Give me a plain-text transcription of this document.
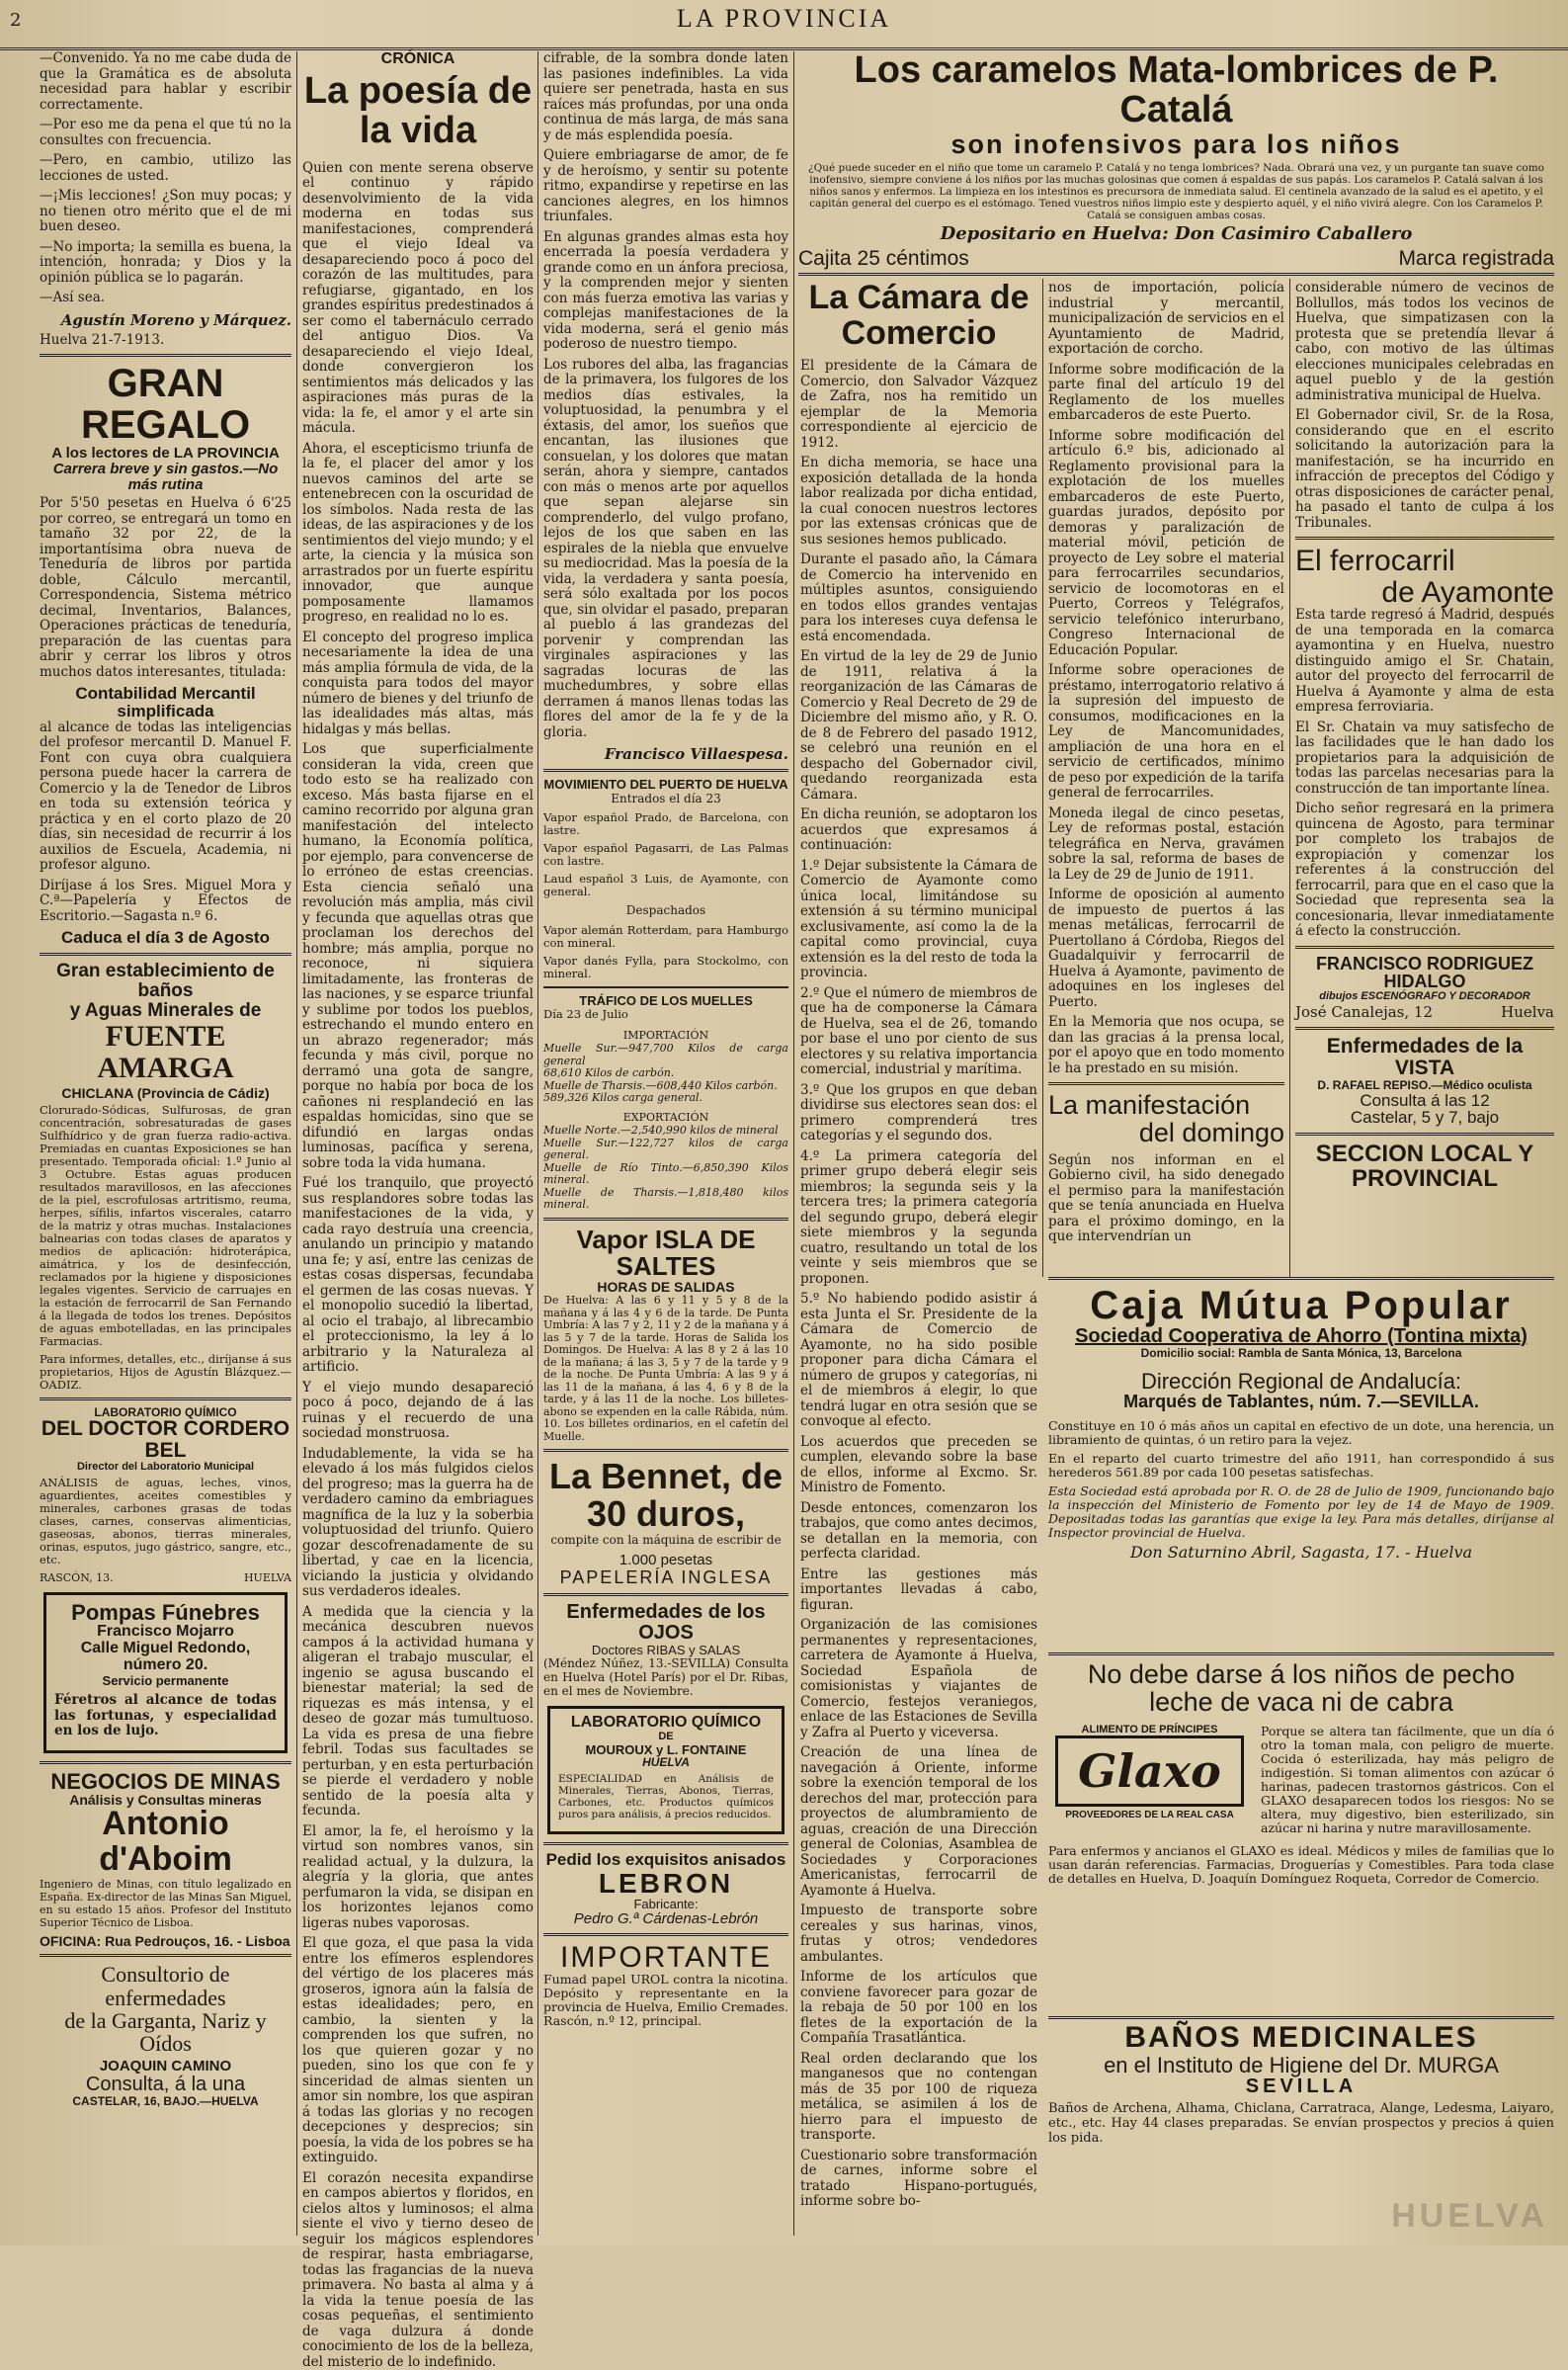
2	LA PROVINCIA

—Convenido. Ya no me cabe duda de que la Gramática es de absoluta necesidad para hablar y escribir correctamente.

—Por eso me da pena el que tú no la consultes con frecuencia.

—Pero, en cambio, utilizo las lecciones de usted.

—¡Mis lecciones! ¿Son muy pocas; y no tienen otro mérito que el de mi buen deseo.

—No importa; la semilla es buena, la intención, honrada; y Dios y la opinión pública se lo pagarán.

—Así sea.

Agustín Moreno y Márquez.

Huelva 21-7-1913.

GRAN REGALO
A los lectores de LA PROVINCIA
Carrera breve y sin gastos.—No más rutina

Por 5'50 pesetas en Huelva ó 6'25 por correo, se entregará un tomo en tamaño 32 por 22, de la importantísima obra nueva de Teneduría de libros por partida doble, Cálculo mercantil, Correspondencia, Sistema métrico decimal, Inventarios, Balances, Operaciones prácticas de teneduría, preparación de las cuentas para abrir y cerrar los libros y otros muchos datos interesantes, titulada:

Contabilidad Mercantil simplificada

al alcance de todas las inteligencias del profesor mercantil D. Manuel F. Font con cuya obra cualquiera persona puede hacer la carrera de Comercio y la de Tenedor de Libros en toda su extensión teórica y práctica y en el corto plazo de 20 días, sin necesidad de recurrir á los auxilios de Escuela, Academia, ni profesor alguno.

Diríjase á los Sres. Miguel Mora y C.ª—Papelería y Efectos de Escritorio.—Sagasta n.º 6.

Caduca el día 3 de Agosto
Gran establecimiento de baños
y Aguas Minerales de
FUENTE AMARGA
CHICLANA (Provincia de Cádiz)

Clorurado-Sódicas, Sulfurosas, de gran concentración, sobresaturadas de gases Sulfhídrico y de gran fuerza radio-activa. Premiadas en cuantas Exposiciones se han presentado. Temporada oficial: 1.º Junio al 3 Octubre. Estas aguas producen resultados maravillosos, en las afecciones de la piel, escrofulosas artritismo, reuma, herpes, sífilis, infartos viscerales, catarro de la matriz y otras muchas. Instalaciones balnearias con todas clases de aparatos y medios de aplicación: hidroterápica, aimátrica, y los de desinfección, reclamados por la higiene y disposiciones legales vigentes. Servicio de carruajes en la estación de ferrocarril de San Fernando á la llegada de todos los trenes. Depósitos de aguas embotelladas, en las principales Farmacias.

Para informes, detalles, etc., diríjanse á sus propietarios, Hijos de Agustín Blázquez.—OADIZ.

LABORATORIO QUÍMICO
DEL DOCTOR CORDERO BEL
Director del Laboratorio Municipal

ANÁLISIS de aguas, leches, vinos, aguardientes, aceites comestibles y minerales, carbones grasas de todas clases, carnes, conservas alimenticias, gaseosas, abonos, tierras minerales, orinas, esputos, jugo gástrico, sangre, etc., etc.

RASCÓN, 13.	HUELVA
Pompas Fúnebres
Francisco Mojarro
Calle Miguel Redondo, número 20.
Servicio permanente

Féretros al alcance de todas las fortunas, y especialidad en los de lujo.

NEGOCIOS DE MINAS
Análisis y Consultas mineras
Antonio d'Aboim

Ingeniero de Minas, con título legalizado en España. Ex-director de las Minas San Miguel, en su estado 15 años. Profesor del Instituto Superior Técnico de Lisboa.

OFICINA: Rua Pedrouços, 16. - Lisboa
Consultorio de enfermedades
de la Garganta, Nariz y Oídos
JOAQUIN CAMINO
Consulta, á la una
CASTELAR, 16, BAJO.—HUELVA
CRÓNICA
La poesía de la vida

Quien con mente serena observe el continuo y rápido desenvolvimiento de la vida moderna en todas sus manifestaciones, comprenderá que el viejo Ideal va desapareciendo poco á poco del corazón de las multitudes, para refugiarse, gigantado, en los grandes espíritus predestinados á ser como el tabernáculo cerrado del antiguo Dios. Va desapareciendo el viejo Ideal, donde convergieron los sentimientos más delicados y las aspiraciones más puras de la vida: la fe, el amor y el arte sin mácula.

Ahora, el escepticismo triunfa de la fe, el placer del amor y los nuevos caminos del arte se entenebrecen con la oscuridad de los símbolos. Nada resta de las ideas, de las aspiraciones y de los sentimientos del viejo mundo; y el arte, la ciencia y la música son arrastrados por un fuerte espíritu innovador, que aunque pomposamente llamamos progreso, en realidad no lo es.

El concepto del progreso implica necesariamente la idea de una más amplia fórmula de vida, de la conquista para todos del mayor número de bienes y del triunfo de las idealidades más altas, más hidalgas y más bellas.

Los que superficialmente consideran la vida, creen que todo esto se ha realizado con exceso. Más basta fijarse en el camino recorrido por alguna gran manifestación del intelecto humano, la Economía política, por ejemplo, para convencerse de lo erróneo de estas creencias. Esta ciencia señaló una revolución más amplia, más civil y fecunda que aquellas otras que proclaman los derechos del hombre; más amplia, porque no reconoce, ni siquiera limitadamente, las fronteras de las naciones, y se esparce triunfal y sublime por todos los pueblos, estrechando el mundo entero en un abrazo regenerador; más fecunda y más civil, porque no derramó una gota de sangre, porque no había por boca de los cañones ni resplandeció en las espaldas homicidas, sino que se difundió en largas ondas luminosas, pacífica y serena, sobre toda la vida humana.

Fué los tranquilo, que proyectó sus resplandores sobre todas las manifestaciones de la vida, y cada rayo destruía una creencia, anulando un principio y matando una fe; y así, entre las cenizas de estas cosas dispersas, fecundaba el germen de las cosas nuevas. Y el monopolio sucedió la libertad, al ocio el trabajo, al librecambio el proteccionismo, la ley á lo arbitrario y la Naturaleza al artificio.

Y el viejo mundo desapareció poco á poco, dejando de á las ruinas y el recuerdo de una sociedad monstruosa.

Indudablemente, la vida se ha elevado á los más fulgidos cielos del progreso; mas la guerra ha de verdadero camino da embriagues magnífica de la luz y la soberbia voluptuosidad del triunfo. Quiero gozar descofrenadamente de su libertad, y cae en la licencia, viciando la justicia y olvidando sus verdaderos ideales.

A medida que la ciencia y la mecánica descubren nuevos campos á la actividad humana y aligeran el trabajo muscular, el ingenio se agusa buscando el bienestar material; la sed de riquezas es más intensa, y el deseo de gozar más tumultuoso. La vida es presa de una fiebre febril. Todas sus facultades se perturban, y en esta perturbación se pierde el verdadero y noble sentido de la poesía alta y fecunda.

El amor, la fe, el heroísmo y la virtud son nombres vanos, sin realidad actual, y la dulzura, la alegría y la gloria, que antes perfumaron la vida, se disipan en los horizontes lejanos como ligeras nubes vaporosas.

El que goza, el que pasa la vida entre los efímeros esplendores del vértigo de los placeres más groseros, ignora aún la falsía de estas idealidades; pero, en cambio, la sienten y la comprenden los que sufren, no los que quieren gozar y no pueden, sino los que con fe y sinceridad de almas sienten un amor sin nombre, los que aspiran á todas las glorias y no recogen decepciones y desprecios; sin poesía, la vida de los pobres se ha extinguido.

El corazón necesita expandirse en campos abiertos y floridos, en cielos altos y luminosos; el alma siente el vivo y tierno deseo de seguir los mágicos esplendores de respirar, hasta embriagarse, todas las fragancias de la nueva primavera. No basta al alma y á la vida la tenue poesía de las cosas pequeñas, el sentimiento de vaga dulzura á donde conocimiento de los de la belleza, del misterio de lo indefinido.

cifrable, de la sombra donde laten las pasiones indefinibles. La vida quiere ser penetrada, hasta en sus raíces más profundas, por una onda continua de más larga, de más sana y de más esplendida poesía.

Quiere embriagarse de amor, de fe y de heroísmo, y sentir su potente ritmo, expandirse y repetirse en las canciones alegres, en los himnos triunfales.

En algunas grandes almas esta hoy encerrada la poesía verdadera y grande como en un ánfora preciosa, y la comprenden mejor y sienten con más fuerza emotiva las varias y complejas manifestaciones de la vida moderna, será el genio más poderoso de nuestro tiempo.

Los rubores del alba, las fragancias de la primavera, los fulgores de los medios días estivales, la voluptuosidad, la penumbra y el éxtasis, del amor, los sueños que encantan, las ilusiones que consuelan, y los dolores que matan serán, ahora y siempre, cantados con más o menos arte por aquellos que sepan alejarse sin comprenderlo, del vulgo profano, lejos de los que saben en las espirales de la niebla que envuelve su mediocridad. Mas la poesía de la vida, la verdadera y santa poesía, será sólo exaltada por los pocos que, sin olvidar el pasado, preparan al pueblo á las grandezas del porvenir y comprendan las virginales aspiraciones y las sagradas locuras de las muchedumbres, y sobre ellas derramen á manos llenas todas las flores del amor de la fe y de la gloria.

Francisco Villaespesa.

MOVIMIENTO DEL PUERTO DE HUELVA

Entrados el día 23

Vapor español Prado, de Barcelona, con lastre.

Vapor español Pagasarri, de Las Palmas con lastre.

Laud español 3 Luis, de Ayamonte, con general.

Despachados

Vapor alemán Rotterdam, para Hamburgo con mineral.

Vapor danés Fylla, para Stockolmo, con mineral.

TRÁFICO DE LOS MUELLES

Día 23 de Julio

IMPORTACIÓN

Muelle Sur.—947,700 Kilos de carga general

68,610 Kilos de carbón.

Muelle de Tharsis.—608,440 Kilos carbón.

589,326 Kilos carga general.

EXPORTACIÓN

Muelle Norte.—2,540,990 kilos de mineral

Muelle Sur.—122,727 kilos de carga general.

Muelle de Río Tinto.—6,850,390 Kilos mineral.

Muelle de Tharsis.—1,818,480 kilos mineral.

Vapor ISLA DE SALTES
HORAS DE SALIDAS

De Huelva: A las 6 y 11 y 5 y 8 de la mañana y á las 4 y 6 de la tarde. De Punta Umbría: A las 7 y 2, 11 y 2 de la mañana y á las 5 y 7 de la tarde. Horas de Salida los Domingos. De Huelva: A las 8 y 2 á las 10 de la mañana; á las 3, 5 y 7 de la tarde y 9 de la noche. De Punta Umbría: A las 9 y á las 11 de la mañana, á las 4, 6 y 8 de la tarde, y á las 11 de la noche. Los billetes-abono se expenden en la calle Rábida, núm. 10. Los billetes ordinarios, en el cafetín del Muelle.

La Bennet, de 30 duros,

compite con la máquina de escribir de

1.000 pesetas
PAPELERÍA INGLESA
Enfermedades de los OJOS
Doctores RIBAS y SALAS

(Méndez Núñez, 13.-SEVILLA) Consulta en Huelva (Hotel París) por el Dr. Ribas, en el mes de Noviembre.

LABORATORIO QUÍMICO
DE
MOUROUX y L. FONTAINE
HUELVA

ESPECIALIDAD en Análisis de Minerales, Tierras, Abonos, Tierras, Carbones, etc. Productos químicos puros para análisis, á precios reducidos.

Pedid los exquisitos anisados
LEBRON
Fabricante:
Pedro G.ª Cárdenas-Lebrón
IMPORTANTE

Fumad papel UROL contra la nicotina. Depósito y representante en la provincia de Huelva, Emilio Cremades. Rascón, n.º 12, principal.

Los caramelos Mata-lombrices de P. Catalá
son inofensivos para los niños

¿Qué puede suceder en el niño que tome un caramelo P. Catalá y no tenga lombrices? Nada. Obrará una vez, y un purgante tan suave como inofensivo, siempre conviene á los niños por las muchas golosinas que comen á espaldas de sus papás. Los caramelos P. Catalá salvan á los niños sanos y enfermos. La limpieza en los intestinos es precursora de inmediata salud. El centinela avanzado de la salud es el apetito, y el capitán general del cuerpo es el estómago. Tened vuestros niños limpio este y despierto aquél, y el niño vivirá alegre. Con los Caramelos P. Catalá se consiguen ambas cosas.

Depositario en Huelva: Don Casimiro Caballero

Cajita 25 céntimos	Marca registrada
La Cámara de Comercio

El presidente de la Cámara de Comercio, don Salvador Vázquez de Zafra, nos ha remitido un ejemplar de la Memoria correspondiente al ejercicio de 1912.

En dicha memoria, se hace una exposición detallada de la honda labor realizada por dicha entidad, la cual conocen nuestros lectores por las extensas crónicas que de sus sesiones hemos publicado.

Durante el pasado año, la Cámara de Comercio ha intervenido en múltiples asuntos, consiguiendo en todos ellos grandes ventajas para los intereses cuya defensa le está encomendada.

En virtud de la ley de 29 de Junio de 1911, relativa á la reorganización de las Cámaras de Comercio y Real Decreto de 29 de Diciembre del mismo año, y R. O. de 8 de Febrero del pasado 1912, se celebró una reunión en el despacho del Gobernador civil, quedando reorganizada esta Cámara.

En dicha reunión, se adoptaron los acuerdos que expresamos á continuación:

1.º Dejar subsistente la Cámara de Comercio de Ayamonte como única local, limitándose su extensión á su término municipal exclusivamente, así como la de la capital como provincial, cuya extensión es la del resto de toda la provincia.

2.º Que el número de miembros de que ha de componerse la Cámara de Huelva, sea el de 26, tomando por base el uno por ciento de sus electores y su relativa importancia comercial, industrial y marítima.

3.º Que los grupos en que deban dividirse sus electores sean dos: el primero comprenderá tres categorías y el segundo dos.

4.º La primera categoría del primer grupo deberá elegir seis miembros; la segunda seis y la tercera tres; la primera categoría del segundo grupo, deberá elegir siete miembros y la segunda cuatro, resultando un total de los veinte y seis miembros que se proponen.

5.º No habiendo podido asistir á esta Junta el Sr. Presidente de la Cámara de Comercio de Ayamonte, no ha sido posible proponer para dicha Cámara el número de grupos y categorías, ni el de miembros á elegir, lo que tendrá lugar en otra sesión que se convoque al efecto.

Los acuerdos que preceden se cumplen, elevando sobre la base de ellos, informe al Excmo. Sr. Ministro de Fomento.

Desde entonces, comenzaron los trabajos, que como antes decimos, se detallan en la memoria, con perfecta claridad.

Entre las gestiones más importantes llevadas á cabo, figuran.

Organización de las comisiones permanentes y representaciones, carretera de Ayamonte á Huelva, Sociedad Española de comisionistas y viajantes de Comercio, festejos veraniegos, enlace de las Estaciones de Sevilla y Zafra al Puerto y viceversa.

Creación de una línea de navegación á Oriente, informe sobre la exención temporal de los derechos del mar, protección para proyectos de alumbramiento de aguas, creación de una Dirección general de Colonias, Asamblea de Sociedades y Corporaciones Americanistas, ferrocarril de Ayamonte á Huelva.

Impuesto de transporte sobre cereales y sus harinas, vinos, frutas y otros; vendedores ambulantes.

Informe de los artículos que conviene favorecer para gozar de la rebaja de 50 por 100 en los fletes de la exportación de la Compañía Trasatlántica.

Real orden declarando que los manganesos que no contengan más de 35 por 100 de riqueza metálica, se asimilen á los de hierro para el impuesto de transporte.

Cuestionario sobre transformación de carnes, informe sobre el tratado Hispano-portugués, informe sobre bo-

nos de importación, policía industrial y mercantil, municipalización de servicios en el Ayuntamiento de Madrid, exportación de corcho.

Informe sobre modificación de la parte final del artículo 19 del Reglamento de los muelles embarcaderos de este Puerto.

Informe sobre modificación del artículo 6.º bis, adicionado al Reglamento provisional para la explotación de los muelles embarcaderos de este Puerto, guardas jurados, depósito por demoras y paralización de material móvil, petición de proyecto de Ley sobre el material para ferrocarriles secundarios, servicio de locomotoras en el Puerto, Correos y Telégrafos, servicio telefónico interurbano, Congreso Internacional de Educación Popular.

Informe sobre operaciones de préstamo, interrogatorio relativo á la supresión del impuesto de consumos, modificaciones en la Ley de Mancomunidades, ampliación de una hora en el servicio de certificados, mínimo de peso por expedición de la tarifa general de ferrocarriles.

Moneda ilegal de cinco pesetas, Ley de reformas postal, estación telegráfica en Nerva, gravámen sobre la sal, reforma de bases de la Ley de 29 de Junio de 1911.

Informe de oposición al aumento de impuesto de puertos á las menas metálicas, ferrocarril de Puertollano á Córdoba, Riegos del Guadalquivir y ferrocarril de Huelva á Ayamonte, pavimento de adoquines en los ingleses del Puerto.

En la Memoria que nos ocupa, se dan las gracias á la prensa local, por el apoyo que en todo momento le ha prestado en su misión.

La manifestación
del domingo

Según nos informan en el Gobierno civil, ha sido denegado el permiso para la manifestación que se tenía anunciada en Huelva para el próximo domingo, en la que intervendrían un

considerable número de vecinos de Bollullos, más todos los vecinos de Huelva, que simpatizasen con la protesta que se pretendía llevar á cabo, con motivo de las últimas elecciones municipales celebradas en aquel pueblo y de la gestión administrativa municipal de Huelva.

El Gobernador civil, Sr. de la Rosa, considerando que en el escrito solicitando la autorización para la manifestación, se ha incurrido en infracción de preceptos del Código y otras disposiciones de carácter penal, ha pasado el tanto de culpa á los Tribunales.

El ferrocarril
de Ayamonte

Esta tarde regresó á Madrid, después de una temporada en la comarca ayamontina y en Huelva, nuestro distinguido amigo el Sr. Chatain, autor del proyecto del ferrocarril de Huelva á Ayamonte y alma de esta empresa ferroviaria.

El Sr. Chatain va muy satisfecho de las facilidades que le han dado los propietarios para la adquisición de todas las parcelas necesarias para la construcción de tan importante línea.

Dicho señor regresará en la primera quincena de Agosto, para terminar por completo los trabajos de expropiación y comenzar los referentes á la construcción del ferrocarril, para que en el caso que la Sociedad que representa sea la concesionaria, llevar inmediatamente á efecto la construcción.

FRANCISCO RODRIGUEZ HIDALGO
dibujos ESCENÓGRAFO Y DECORADOR
José Canalejas, 12	Huelva
Enfermedades de la VISTA
D. RAFAEL REPISO.—Médico oculista
Consulta á las 12
Castelar, 5 y 7, bajo
SECCION LOCAL Y PROVINCIAL
Caja Mútua Popular
Sociedad Cooperativa de Ahorro (Tontina mixta)
Domicilio social: Rambla de Santa Mónica, 13, Barcelona
Dirección Regional de Andalucía:
Marqués de Tablantes, núm. 7.—SEVILLA.

Constituye en 10 ó más años un capital en efectivo de un dote, una herencia, un libramiento de quintas, ó un retiro para la vejez.

En el reparto del cuarto trimestre del año 1911, han correspondido á sus herederos 561.89 por cada 100 pesetas satisfechas.

Esta Sociedad está aprobada por R. O. de 28 de Julio de 1909, funcionando bajo la inspección del Ministerio de Fomento por ley de 14 de Mayo de 1909. Depositadas todas las garantías que exige la ley. Para más detalles, diríjanse al Inspector provincial de Huelva.

Don Saturnino Abril, Sagasta, 17. - Huelva

No debe darse á los niños de pecho
leche de vaca ni de cabra
ALIMENTO DE PRÍNCIPES
Glaxo
PROVEEDORES DE LA REAL CASA

Porque se altera tan fácilmente, que un día ó otro la toman mala, con peligro de muerte. Cocida ó esterilizada, hay más peligro de indigestión. Si toman alimentos con azúcar ó harinas, padecen trastornos gástricos. Con el GLAXO desaparecen todos los riesgos: No se altera, muy digestivo, bien esterilizado, sin azúcar ni harina y nutre maravillosamente.

Para enfermos y ancianos el GLAXO es ideal. Médicos y miles de familias que lo usan darán referencias. Farmacias, Droguerías y Comestibles. Para toda clase de detalles en Huelva, D. Joaquín Domínguez Roqueta, Corredor de Comercio.

BAÑOS MEDICINALES
en el Instituto de Higiene del Dr. MURGA
SEVILLA

Baños de Archena, Alhama, Chiclana, Carratraca, Alange, Ledesma, Laiyaro, etc., etc. Hay 44 clases preparadas. Se envían prospectos y precios á quien los pida.

HUELVA
